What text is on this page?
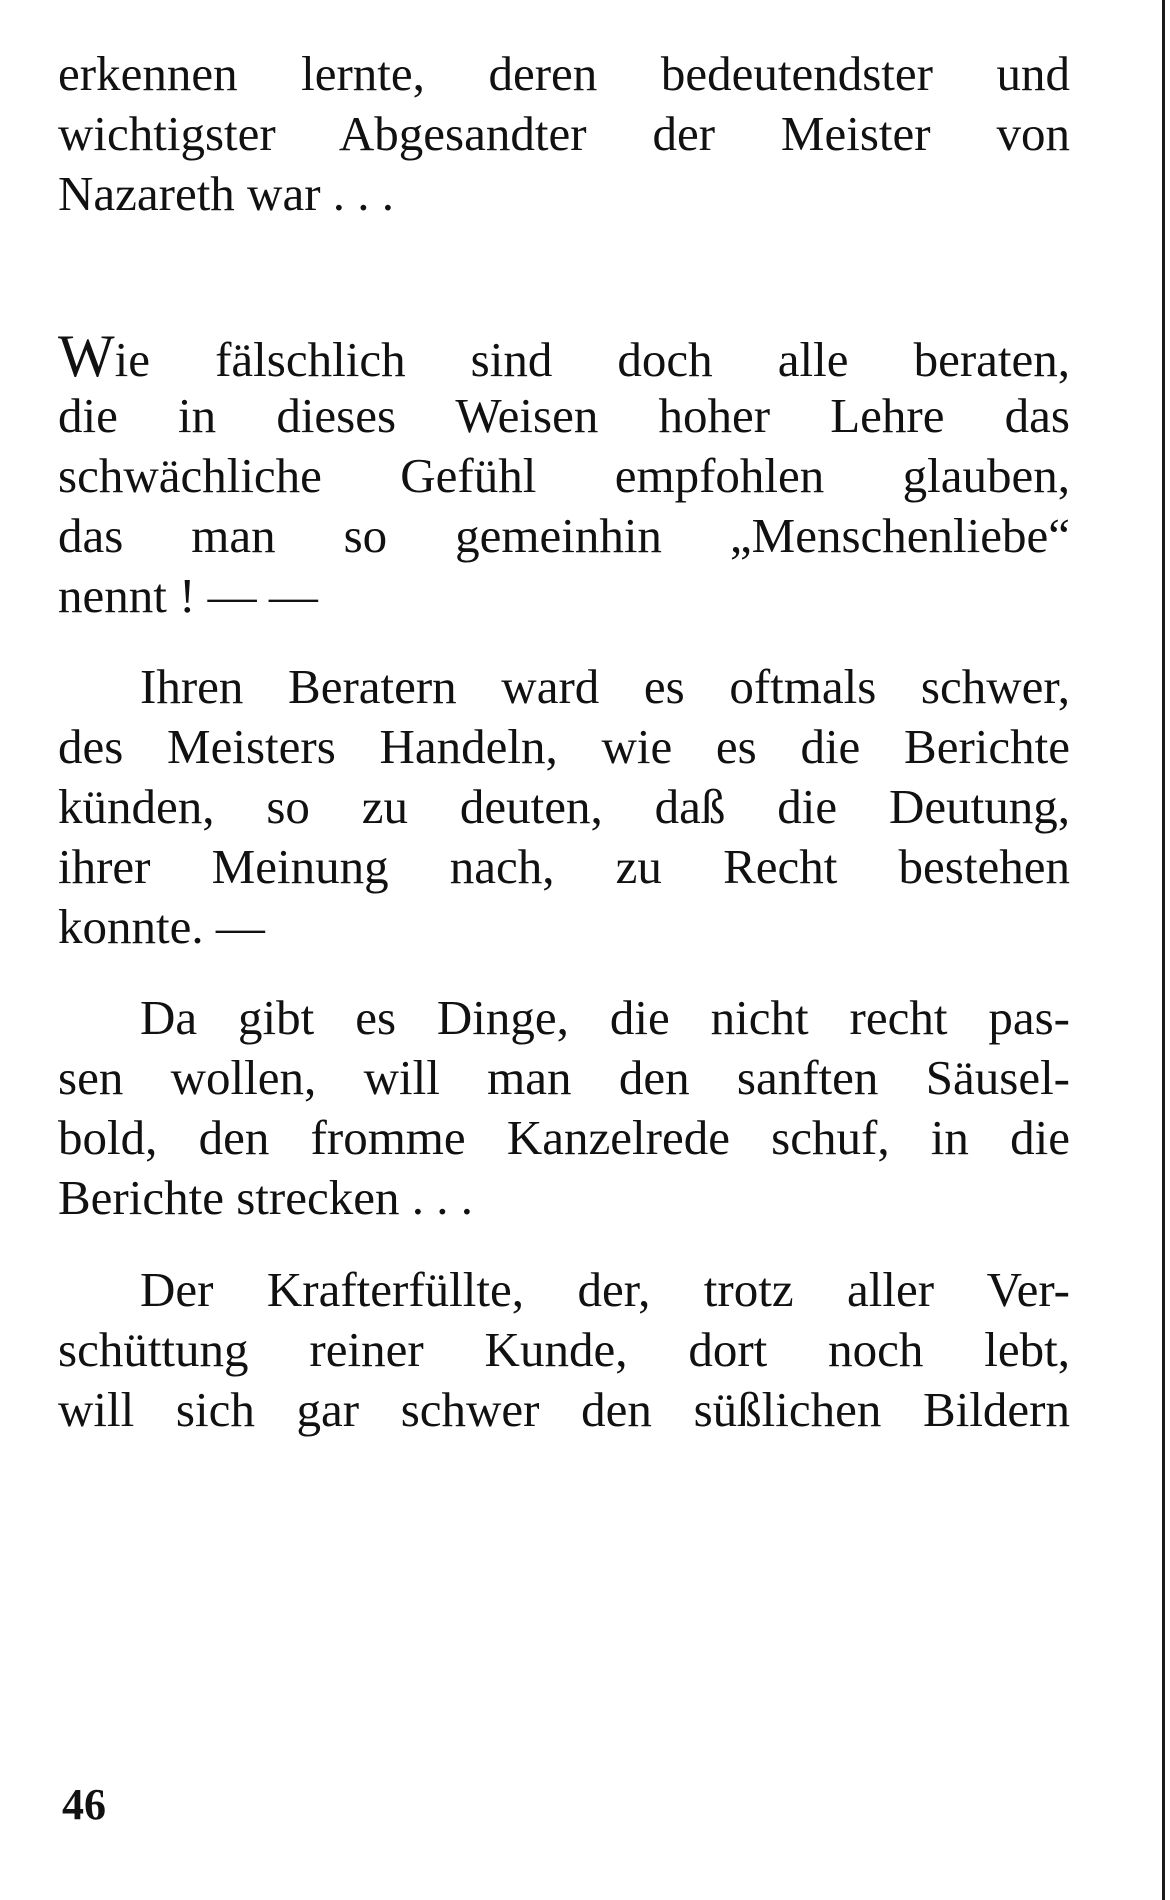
erkennen lernte, deren bedeutendster und
wichtigster Abgesandter der Meister von
Nazareth war . . .
Wie fälschlich sind doch alle beraten,
die in dieses Weisen hoher Lehre das
schwächliche Gefühl empfohlen glauben,
das man so gemeinhin „Menschenliebe“
nennt ! — —
Ihren Beratern ward es oftmals schwer,
des Meisters Handeln, wie es die Berichte
künden, so zu deuten, daß die Deutung,
ihrer Meinung nach, zu Recht bestehen
konnte. —
Da gibt es Dinge, die nicht recht pas-
sen wollen, will man den sanften Säusel-
bold, den fromme Kanzelrede schuf, in die
Berichte strecken . . .
Der Krafterfüllte, der, trotz aller Ver-
schüttung reiner Kunde, dort noch lebt,
will sich gar schwer den süßlichen Bildern
46
